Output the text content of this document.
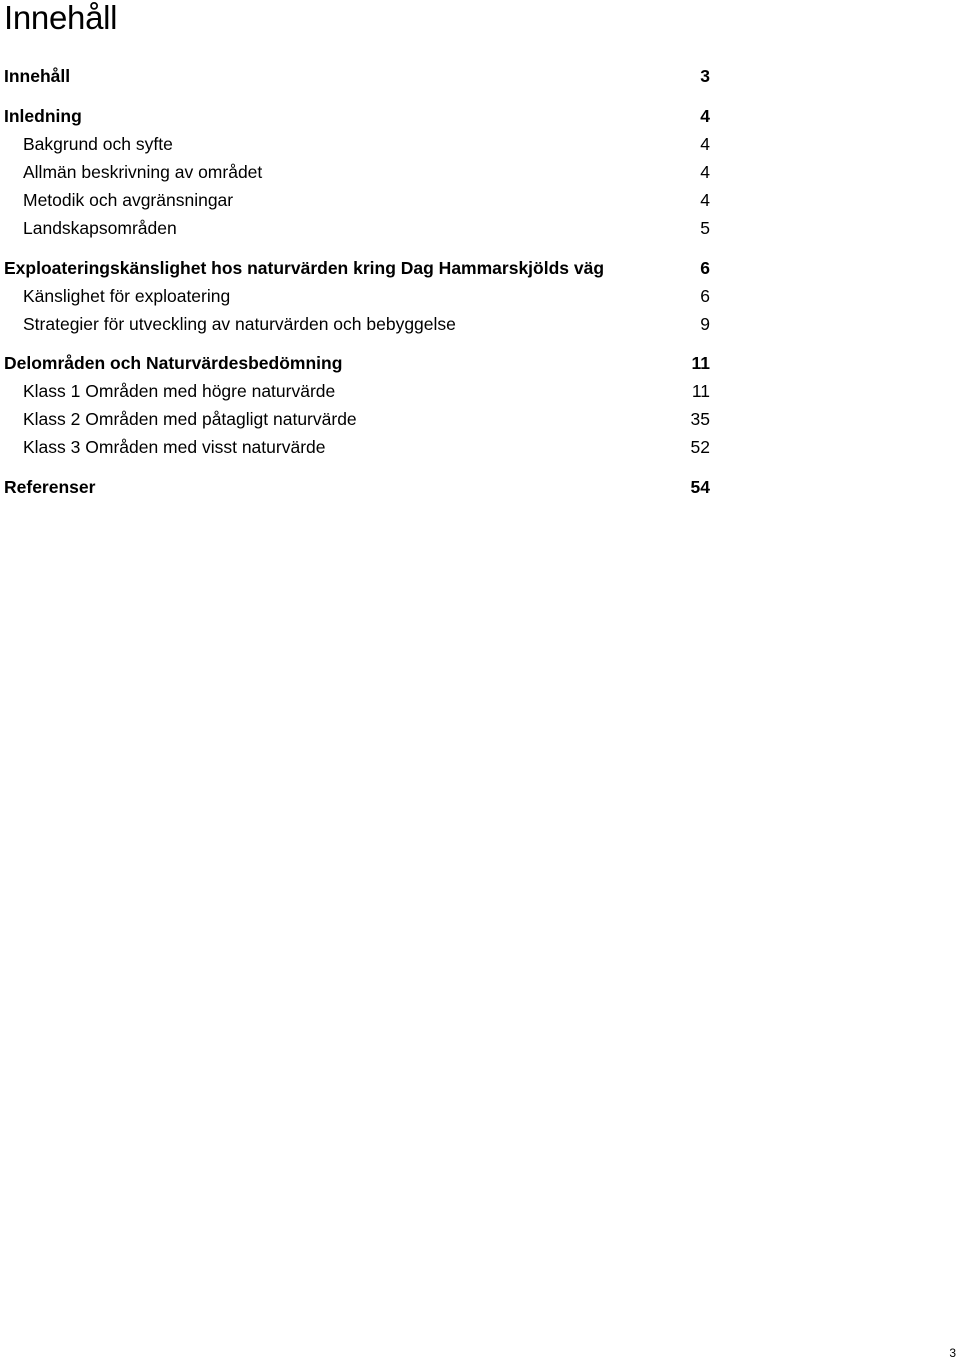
Innehåll
Innehåll	3
Inledning	4
Bakgrund och syfte	4
Allmän beskrivning av området	4
Metodik och avgränsningar	4
Landskapsområden	5
Exploateringskänslighet hos naturvärden kring Dag Hammarskjölds väg	6
Känslighet för exploatering	6
Strategier för utveckling av naturvärden och bebyggelse	9
Delområden och Naturvärdesbedömning	11
Klass 1 Områden med högre naturvärde	11
Klass 2 Områden med påtagligt naturvärde	35
Klass 3 Områden med visst naturvärde	52
Referenser	54
3
